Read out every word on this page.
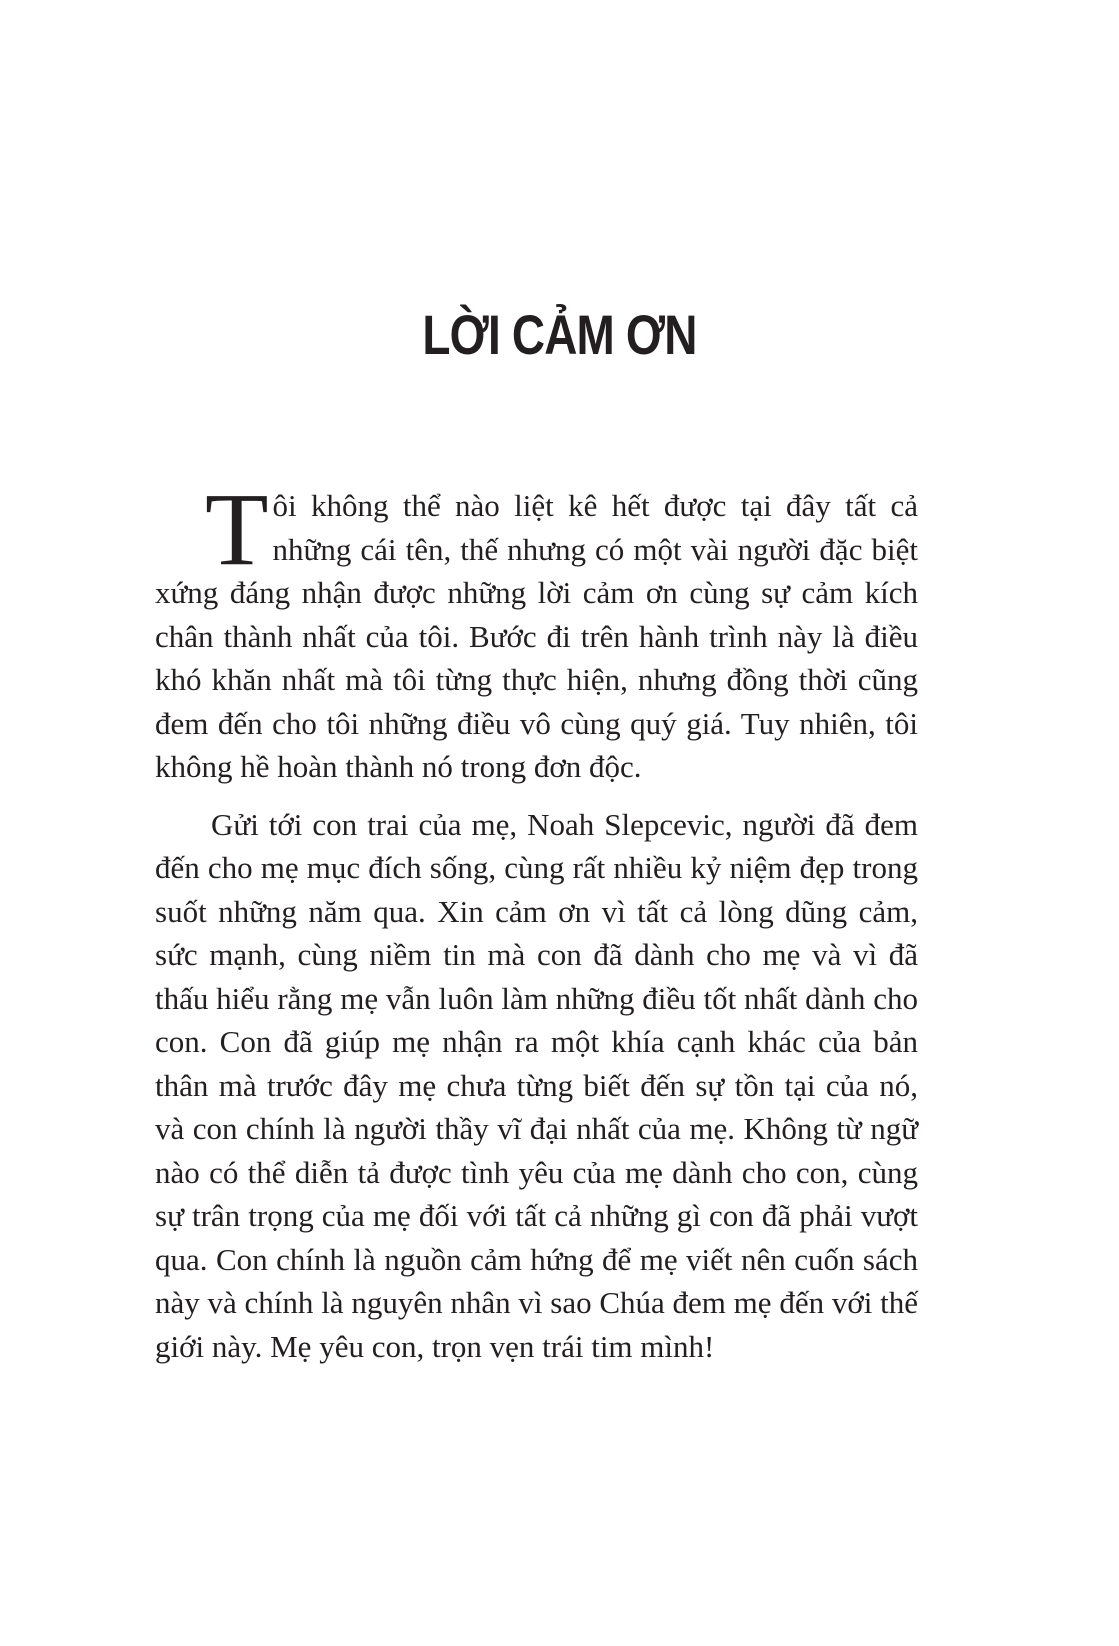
LỜI CẢM ƠN

Tôi không thể nào liệt kê hết được tại đây tất cả những cái tên, thế nhưng có một vài người đặc biệt xứng đáng nhận được những lời cảm ơn cùng sự cảm kích chân thành nhất của tôi. Bước đi trên hành trình này là điều khó khăn nhất mà tôi từng thực hiện, nhưng đồng thời cũng đem đến cho tôi những điều vô cùng quý giá. Tuy nhiên, tôi không hề hoàn thành nó trong đơn độc.

Gửi tới con trai của mẹ, Noah Slepcevic, người đã đem đến cho mẹ mục đích sống, cùng rất nhiều kỷ niệm đẹp trong suốt những năm qua. Xin cảm ơn vì tất cả lòng dũng cảm, sức mạnh, cùng niềm tin mà con đã dành cho mẹ và vì đã thấu hiểu rằng mẹ vẫn luôn làm những điều tốt nhất dành cho con. Con đã giúp mẹ nhận ra một khía cạnh khác của bản thân mà trước đây mẹ chưa từng biết đến sự tồn tại của nó, và con chính là người thầy vĩ đại nhất của mẹ. Không từ ngữ nào có thể diễn tả được tình yêu của mẹ dành cho con, cùng sự trân trọng của mẹ đối với tất cả những gì con đã phải vượt qua. Con chính là nguồn cảm hứng để mẹ viết nên cuốn sách này và chính là nguyên nhân vì sao Chúa đem mẹ đến với thế giới này. Mẹ yêu con, trọn vẹn trái tim mình!
